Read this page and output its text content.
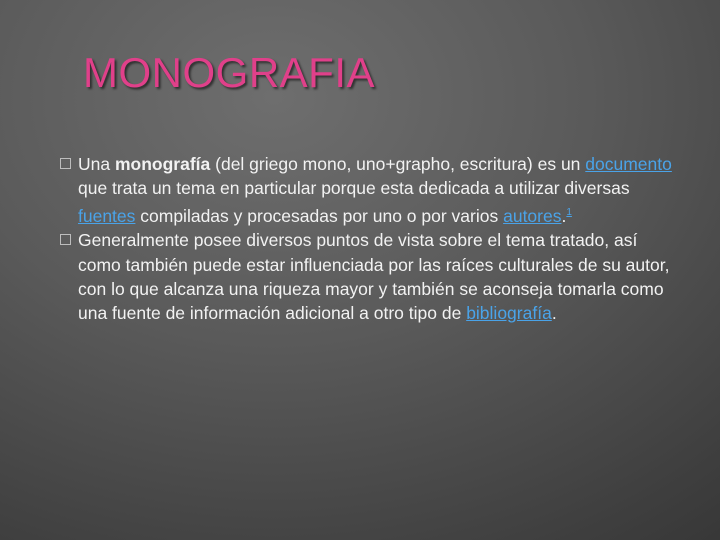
MONOGRAFIA
Una monografía (del griego mono, uno+grapho, escritura) es un documento que trata un tema en particular porque esta dedicada a utilizar diversas fuentes compiladas y procesadas por uno o por varios autores.$^1$
Generalmente posee diversos puntos de vista sobre el tema tratado, así como también puede estar influenciada por las raíces culturales de su autor, con lo que alcanza una riqueza mayor y también se aconseja tomarla como una fuente de información adicional a otro tipo de bibliografía.
